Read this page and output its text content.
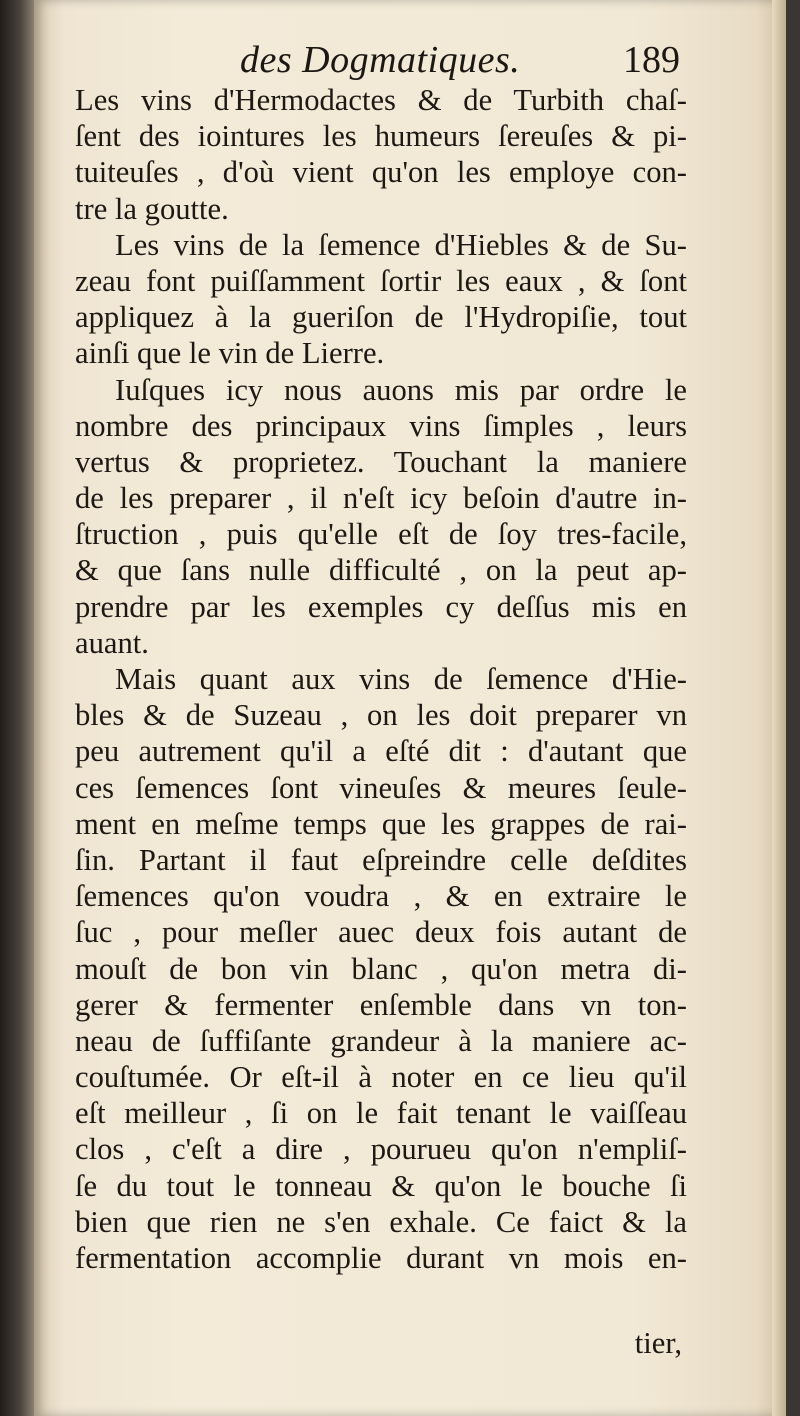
des Dogmatiques.	189
Les vins d'Hermodactes & de Turbith chaſ-
ſent des iointures les humeurs ſereuſes & pi-
tuiteuſes , d'où vient qu'on les employe con-
tre la goutte.
Les vins de la ſemence d'Hiebles & de Su-
zeau font puiſſamment ſortir les eaux , & ſont
appliquez à la gueriſon de l'Hydropiſie, tout
ainſi que le vin de Lierre.
Iuſques icy nous auons mis par ordre le
nombre des principaux vins ſimples , leurs
vertus & proprietez. Touchant la maniere
de les preparer , il n'eſt icy beſoin d'autre in-
ſtruction , puis qu'elle eſt de ſoy tres-facile,
& que ſans nulle difficulté , on la peut ap-
prendre par les exemples cy deſſus mis en
auant.
Mais quant aux vins de ſemence d'Hie-
bles & de Suzeau , on les doit preparer vn
peu autrement qu'il a eſté dit : d'autant que
ces ſemences ſont vineuſes & meures ſeule-
ment en meſme temps que les grappes de rai-
ſin. Partant il faut eſpreindre celle deſdites
ſemences qu'on voudra , & en extraire le
ſuc , pour meſler auec deux fois autant de
mouſt de bon vin blanc , qu'on metra di-
gerer & fermenter enſemble dans vn ton-
neau de ſuffiſante grandeur à la maniere ac-
couſtumée. Or eſt-il à noter en ce lieu qu'il
eſt meilleur , ſi on le fait tenant le vaiſſeau
clos , c'eſt a dire , pourueu qu'on n'empliſ-
ſe du tout le tonneau & qu'on le bouche ſi
bien que rien ne s'en exhale. Ce faict & la
fermentation accomplie durant vn mois en-
tier,
